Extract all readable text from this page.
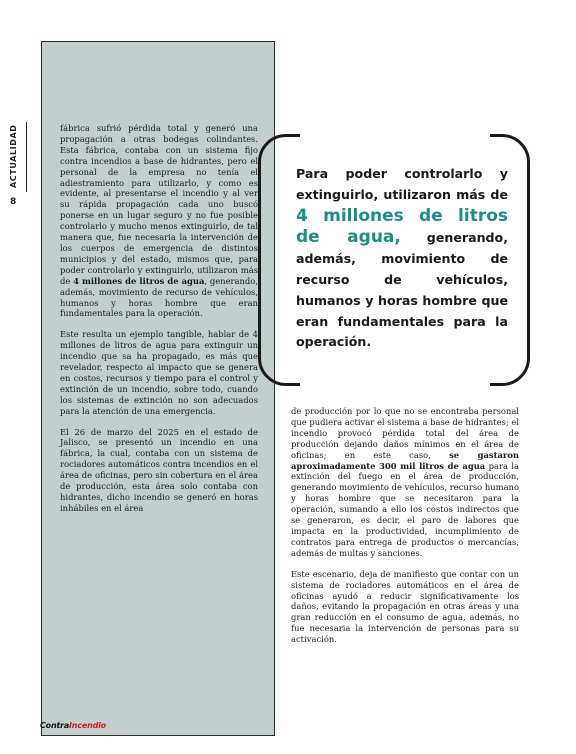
ACTUALIDAD
8

fábrica sufrió pérdida total y generó una propagación a otras bodegas colindantes. Esta fábrica, contaba con un sistema fijo contra incendios a base de hidrantes, pero el personal de la empresa no tenía el adiestramiento para utilizarlo, y como es evidente, al presentarse el incendio y al ver su rápida propagación cada uno buscó ponerse en un lugar seguro y no fue posible controlarlo y mucho menos extinguirlo, de tal manera que, fue necesaria la intervención de los cuerpos de emergencia de distintos municipios y del estado, mismos que, para poder controlarlo y extinguirlo, utilizaron más de 4 millones de litros de agua, generando, además, movimiento de recurso de vehículos, humanos y horas hombre que eran fundamentales para la operación.

Este resulta un ejemplo tangible, hablar de 4 millones de litros de agua para extinguir un incendio que sa ha propagado, es más que revelador, respecto al impacto que se genera en costos, recursos y tiempo para el control y extinción de un incendio, sobre todo, cuando los sistemas de extinción no son adecuados para la atención de una emergencia.

El 26 de marzo del 2025 en el estado de Jalisco, se presentó un incendio en una fábrica, la cual, contaba con un sistema de rociadores automáticos contra incendios en el área de oficinas, pero sin cobertura en el área de producción, esta área solo contaba con hidrantes, dicho incendio se generó en horas inhábiles en el área

Para poder controlarlo y extinguirlo, utilizaron más de 4 millones de litros de agua, generando, además, movimiento de recurso de vehículos, humanos y horas hombre que eran fundamentales para la operación.

de producción por lo que no se encontraba personal que pudiera activar el sistema a base de hidrantes; el incendio provocó pérdida total del área de producción dejando daños mínimos en el área de oficinas; en este caso, se gastaron aproximadamente 300 mil litros de agua para la extinción del fuego en el área de producción, generando movimiento de vehículos, recurso humano y horas hombre que se necesitaron para la operación, sumando a ello los costos indirectos que se generaron, es decir, el paro de labores que impacta en la productividad, incumplimiento de contratos para entrega de productos o mercancías, además de multas y sanciones.

Este escenario, deja de manifiesto que contar con un sistema de rociadores automáticos en el área de oficinas ayudó a reducir significativamente los daños, evitando la propagación en otras áreas y una gran reducción en el consumo de agua, además, no fue necesaria la intervención de personas para su activación.

ContraIncendio
